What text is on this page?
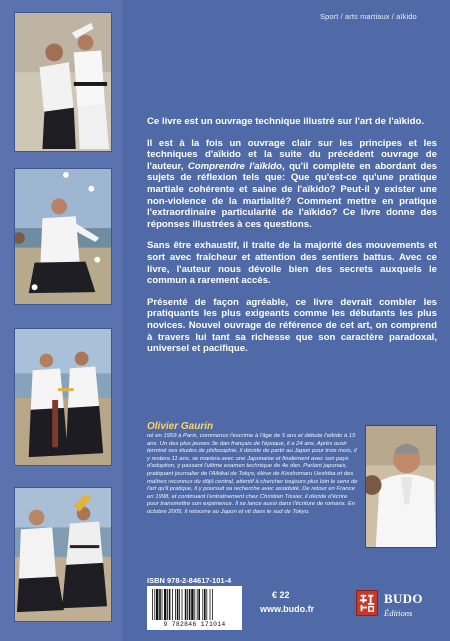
Sport / arts martiaux / aïkido

Ce livre est un ouvrage technique illustré sur l'art de l'aïkido.

Il est à la fois un ouvrage clair sur les principes et les techniques d'aïkido et la suite du précédent ouvrage de l'auteur, Comprendre l'aïkido, qu'il complète en abordant des sujets de réflexion tels que: Que qu'est-ce qu'une pratique martiale cohérente et saine de l'aïkido? Peut-il y exister une non-violence de la martialité? Comment mettre en pratique l'extraordinaire particularité de l'aïkido? Ce livre donne des réponses illustrées à ces questions.

Sans être exhaustif, il traite de la majorité des mouvements et sort avec fraîcheur et attention des sentiers battus. Avec ce livre, l'auteur nous dévoile bien des secrets auxquels le commun a rarement accès.

Présenté de façon agréable, ce livre devrait combler les pratiquants les plus exigeants comme les débutants les plus novices. Nouvel ouvrage de référence de cet art, on comprend à travers lui tant sa richesse que son caractère paradoxal, universel et pacifique.

Olivier Gaurin
né en 1959 à Paris, commence l'escrime à l'âge de 5 ans et débute l'aïkido à 15 ans. Un des plus jeunes 3e dan français de l'époque, il a 24 ans. Après avoir terminé ses études de philosophie, il décide de partir au Japon pour trois mois, il y restera 11 ans, se mariera avec une Japonaise et finalement avec son pays d'adoption, y passant l'ultime examen technique de 4e dan. Parlant japonais, pratiquant journalier de l'Aïkikai de Tokyo, élève de Kisshomaru Ueshiba et des maîtres reconnus du dôjô central, attentif à chercher toujours plus loin le sens de l'art qu'il pratique, il y poursuit sa recherche avec assiduité. De retour en France en 1998, et continuant l'entraînement chez Christian Tissier, il décide d'écrire pour transmettre son expérience. Il se lance aussi dans l'écriture de romans. En octobre 2005, il retourne au Japon et vit dans le sud de Tokyo.
ISBN 978-2-84617-101-4
9 782846 171014
€ 22
www.budo.fr
BUDO
Éditions
